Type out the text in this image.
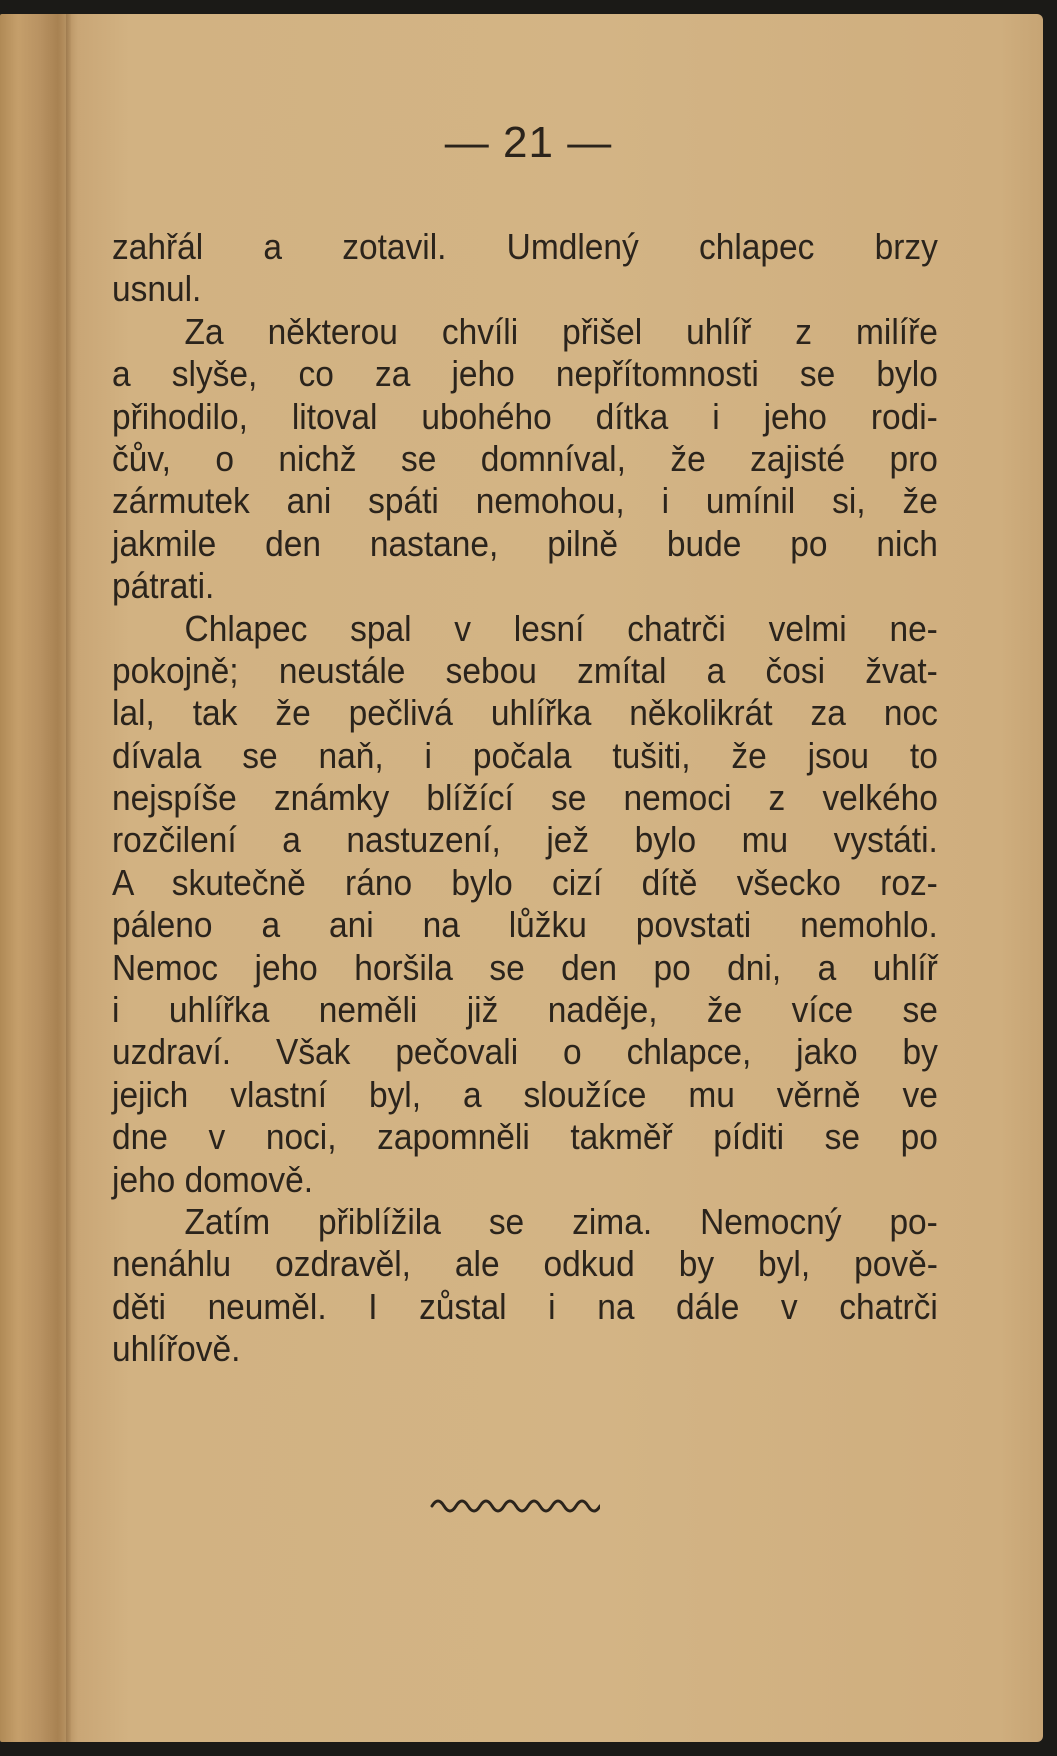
— 21 —
zahřál a zotavil. Umdlený chlapec brzy
usnul.
Za některou chvíli přišel uhlíř z milíře
a slyše, co za jeho nepřítomnosti se bylo
přihodilo, litoval ubohého dítka i jeho rodi-
čův, o nichž se domníval, že zajisté pro
zármutek ani spáti nemohou, i umínil si, že
jakmile den nastane, pilně bude po nich
pátrati.
Chlapec spal v lesní chatrči velmi ne-
pokojně; neustále sebou zmítal a čosi žvat-
lal, tak že pečlivá uhlířka několikrát za noc
dívala se naň, i počala tušiti, že jsou to
nejspíše známky blížící se nemoci z velkého
rozčilení a nastuzení, jež bylo mu vystáti.
A skutečně ráno bylo cizí dítě všecko roz-
páleno a ani na lůžku povstati nemohlo.
Nemoc jeho horšila se den po dni, a uhlíř
i uhlířka neměli již naděje, že více se
uzdraví. Však pečovali o chlapce, jako by
jejich vlastní byl, a sloužíce mu věrně ve
dne v noci, zapomněli takměř píditi se po
jeho domově.
Zatím přiblížila se zima. Nemocný po-
nenáhlu ozdravěl, ale odkud by byl, pově-
děti neuměl. I zůstal i na dále v chatrči
uhlířově.
